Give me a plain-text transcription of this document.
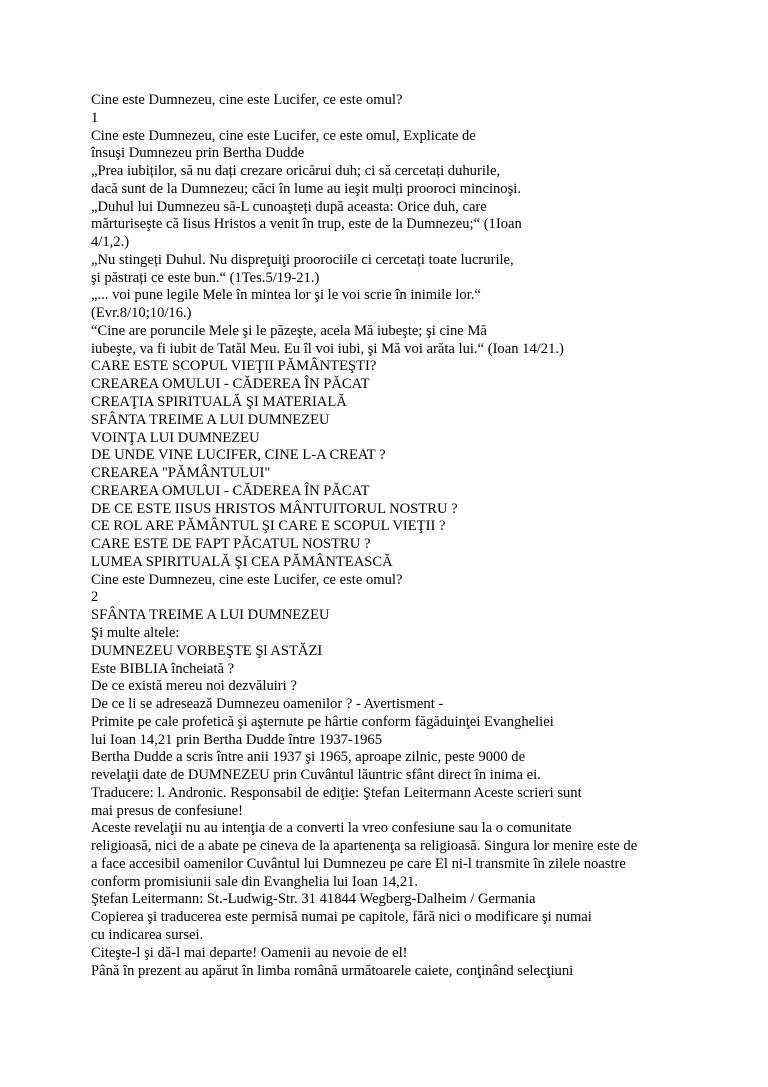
Cine este Dumnezeu, cine este Lucifer, ce este omul?
1
Cine este Dumnezeu, cine este Lucifer, ce este omul, Explicate de
însuşi Dumnezeu prin Bertha Dudde
„Prea iubiților, să nu dați crezare oricărui duh; ci să cercetați duhurile,
dacă sunt de la Dumnezeu; căci în lume au ieşit mulți prooroci mincinoşi.
„Duhul lui Dumnezeu să-L cunoaşteți după aceasta: Orice duh, care
mărturiseşte că Iisus Hristos a venit în trup, este de la Dumnezeu;“ (1Ioan
4/1,2.)
„Nu stingeți Duhul. Nu dispreţuiţi proorociile ci cercetați toate lucrurile,
şi păstrați ce este bun.“ (1Tes.5/19-21.)
„... voi pune legile Mele în mintea lor şi le voi scrie în inimile lor.“
(Evr.8/10;10/16.)
“Cine are poruncile Mele şi le păzeşte, acela Mă iubeşte; şi cine Mă
iubeşte, va fi iubit de Tatăl Meu. Eu îl voi iubi, şi Mă voi arăta lui.“ (Ioan 14/21.)
CARE ESTE SCOPUL VIEŢII PĂMÂNTEŞTI?
CREAREA OMULUI - CĂDEREA ÎN PĂCAT
CREAŢIA SPIRITUALĂ ŞI MATERIALĂ
SFÂNTA TREIME A LUI DUMNEZEU
VOINŢA LUI DUMNEZEU
DE UNDE VINE LUCIFER, CINE L-A CREAT ?
CREAREA "PĂMÂNTULUI"
CREAREA OMULUI - CĂDEREA ÎN PĂCAT
DE CE ESTE IISUS HRISTOS MÂNTUITORUL NOSTRU ?
CE ROL ARE PĂMÂNTUL ŞI CARE E SCOPUL VIEŢII ?
CARE ESTE DE FAPT PĂCATUL NOSTRU ?
LUMEA SPIRITUALĂ ŞI CEA PĂMÂNTEASCĂ
Cine este Dumnezeu, cine este Lucifer, ce este omul?
2
SFÂNTA TREIME A LUI DUMNEZEU
Şi multe altele:
DUMNEZEU VORBEŞTE Şl ASTĂZI
Este BIBLIA încheiată ?
De ce există mereu noi dezvăluiri ?
De ce li se adresează Dumnezeu oamenilor ? - Avertisment -
Primite pe cale profetică şi aşternute pe hârtie conform făgăduinţei Evangheliei
lui Ioan 14,21 prin Bertha Dudde între 1937-1965
Bertha Dudde a scris între anii 1937 şi 1965, aproape zilnic, peste 9000 de
revelaţii date de DUMNEZEU prin Cuvântul lăuntric sfânt direct în inima ei.
Traducere: l. Andronic. Responsabil de ediţie: Ştefan Leitermann Aceste scrieri sunt
mai presus de confesiune!
Aceste revelaţii nu au intenţia de a converti la vreo confesiune sau la o comunitate
religioasă, nici de a abate pe cineva de la apartenenţa sa religioasă. Singura lor menire este de
a face accesibil oamenilor Cuvântul lui Dumnezeu pe care El ni-l transmite în zilele noastre
conform promisiunii sale din Evanghelia lui Ioan 14,21.
Ştefan Leitermann: St.-Ludwig-Str. 31 41844 Wegberg-Dalheim / Germania
Copierea şi traducerea este permisă numai pe capitole, fără nici o modificare şi numai
cu indicarea sursei.
Citeşte-l şi dă-l mai departe! Oamenii au nevoie de el!
Până în prezent au apărut în limba română următoarele caiete, conţinând selecţiuni
